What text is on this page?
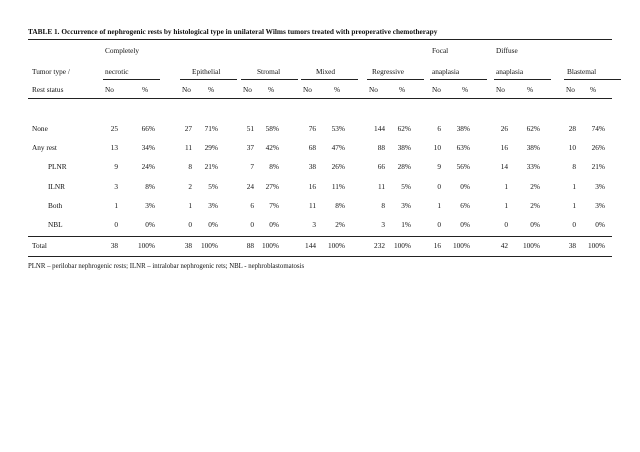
TABLE 1. Occurrence of nephrogenic rests by histological type in unilateral Wilms tumors treated with preoperative chemotherapy
Tumor type /
Rest status
Completely
necrotic
No	%
Epithelial
No %
Stromal
No %
Mixed
No	%
Regressive
No	%
Focal
anaplasia
No	%
Diffuse
anaplasia
No	%
Blastemal
No %
None	25	66%	27 71%	51 58%	76 53%	144 62%	6 38%	26	62%	28 74%
Any rest	13	34%	11 29%	37 42%	68 47%	88 38%	10 63%	16	38%	10 26%
PLNR	9	24%	8 21%	7 8%	38 26%	66 28%	9 56%	14	33%	8 21%
ILNR	3	8%	2 5%	24 27%	16 11%	11 5%	0	0%	1	2%	1	3%
Both	1	3%	1 3%	6 7%	11	8%	8 3%	1	6%	1	2%	1	3%
NBL	0	0%	0 0%	0 0%	3	2%	3 1%	0	0%	0	0%	0	0%
Total	38	100%	38 100%	88 100%	144 100%	232 100%	16 100%	42 100%	38 100%
PLNR – perilobar nephrogenic rests; ILNR – intralobar nephrogenic rets; NBL - nephroblastomatosis
